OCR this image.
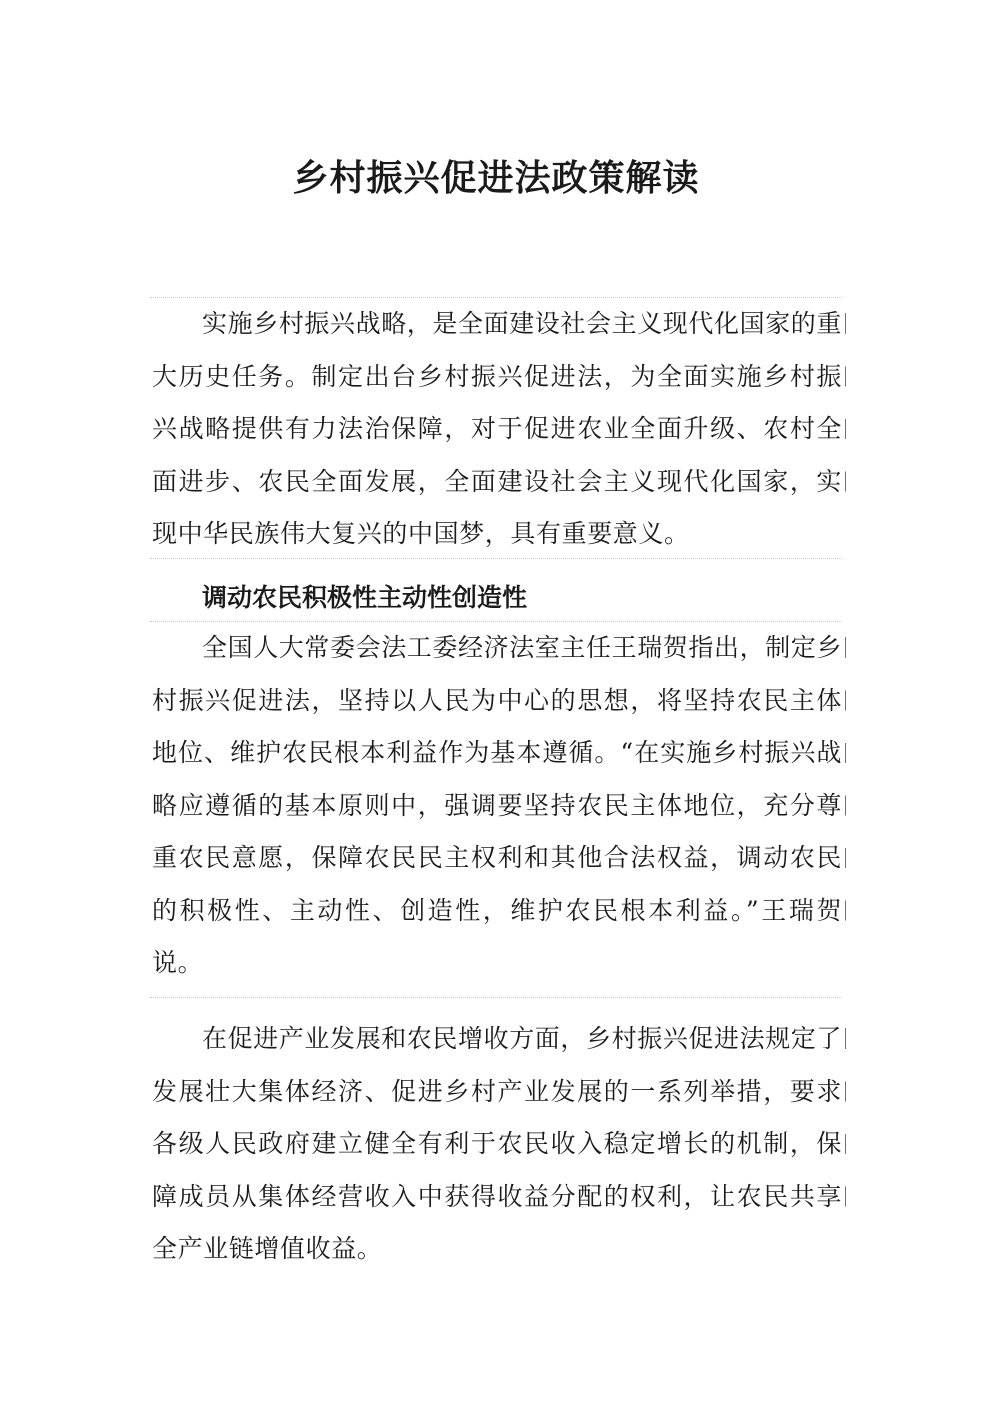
乡村振兴促进法政策解读

实施乡村振兴战略，是全面建设社会主义现代化国家的重大历史任务。制定出台乡村振兴促进法，为全面实施乡村振兴战略提供有力法治保障，对于促进农业全面升级、农村全面进步、农民全面发展，全面建设社会主义现代化国家，实现中华民族伟大复兴的中国梦，具有重要意义。

调动农民积极性主动性创造性

全国人大常委会法工委经济法室主任王瑞贺指出，制定乡村振兴促进法，坚持以人民为中心的思想，将坚持农民主体地位、维护农民根本利益作为基本遵循。“在实施乡村振兴战略应遵循的基本原则中，强调要坚持农民主体地位，充分尊重农民意愿，保障农民民主权利和其他合法权益，调动农民的积极性、主动性、创造性，维护农民根本利益。”王瑞贺说。

在促进产业发展和农民增收方面，乡村振兴促进法规定了发展壮大集体经济、促进乡村产业发展的一系列举措，要求各级人民政府建立健全有利于农民收入稳定增长的机制，保障成员从集体经营收入中获得收益分配的权利，让农民共享全产业链增值收益。
